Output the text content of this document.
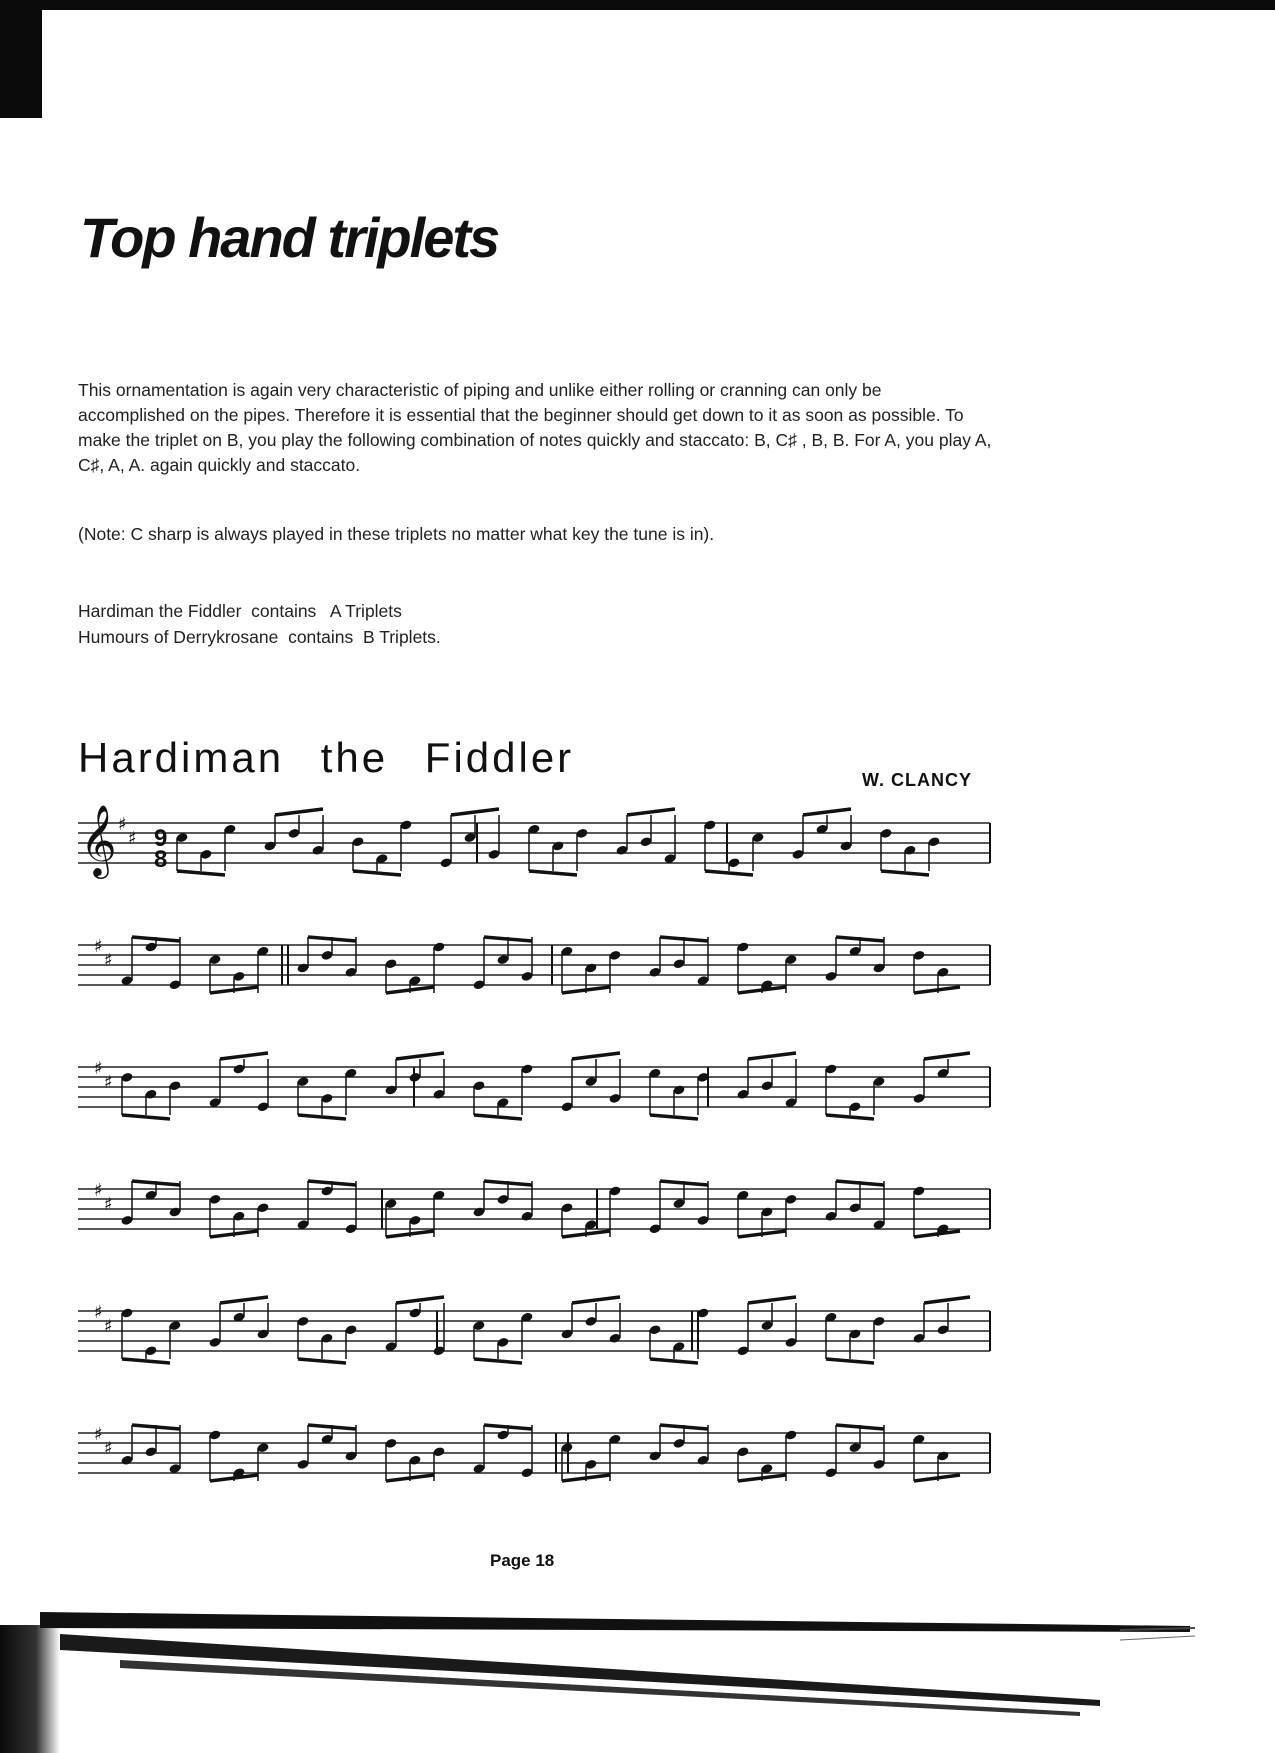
Top hand triplets

This ornamentation is again very characteristic of piping and unlike either rolling or cranning can only be accomplished on the pipes. Therefore it is essential that the beginner should get down to it as soon as possible. To make the triplet on B, you play the following combination of notes quickly and staccato: B, C♯ , B, B. For A, you play A, C♯, A, A. again quickly and staccato.

(Note: C sharp is always played in these triplets no matter what key the tune is in).

Hardiman the Fiddler  contains   A Triplets
Humours of Derrykrosane  contains  B Triplets.
Hardiman the Fiddler	W. CLANCY
𝄞 ♯
♯
♯
♯
♯
♯
♯
♯
♯
♯
♯
♯
9
8
Page 18
